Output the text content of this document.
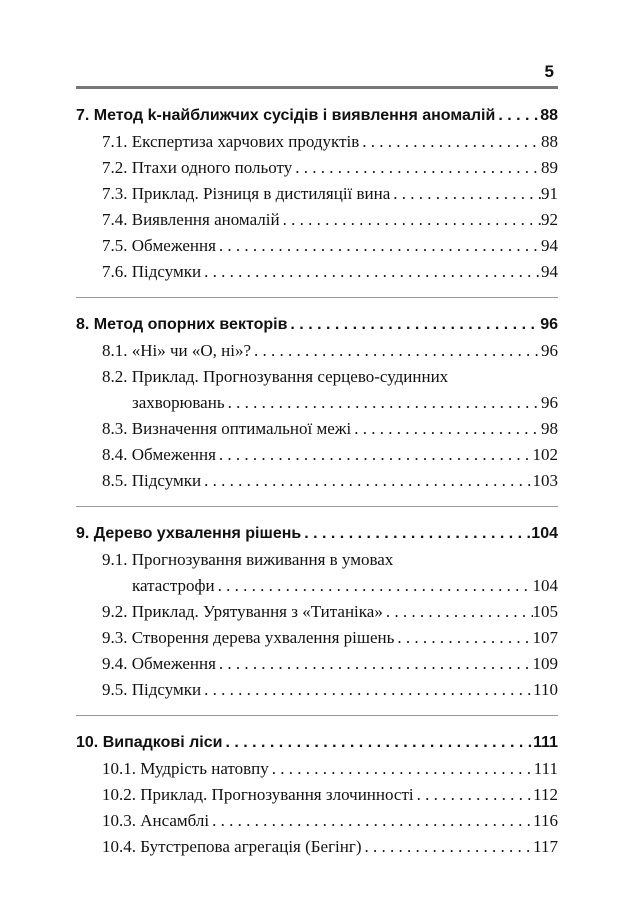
5
7. Метод k-найближчих сусідів і виявлення аномалій . . .	88
7.1. Експертиза харчових продуктів . . .	88
7.2. Птахи одного польоту . . .	89
7.3. Приклад. Різниця в дистиляції вина . . .	91
7.4. Виявлення аномалій . . .	92
7.5. Обмеження . . .	94
7.6. Підсумки . . .	94
8. Метод опорних векторів . . .	96
8.1. «Ні» чи «О, ні»? . . .	96
8.2. Приклад. Прогнозування серцево-судинних
захворювань . . .	96
8.3. Визначення оптимальної межі . . .	98
8.4. Обмеження . . .	102
8.5. Підсумки . . .	103
9. Дерево ухвалення рішень . . .	104
9.1. Прогнозування виживання в умовах
катастрофи . . .	104
9.2. Приклад. Урятування з «Титаніка» . . .	105
9.3. Створення дерева ухвалення рішень . . .	107
9.4. Обмеження . . .	109
9.5. Підсумки . . .	110
10. Випадкові ліси . . .	111
10.1. Мудрість натовпу . . .	111
10.2. Приклад. Прогнозування злочинності . . .	112
10.3. Ансамблі . . .	116
10.4. Бутстрепова агрегація (Бегінг) . . .	117
